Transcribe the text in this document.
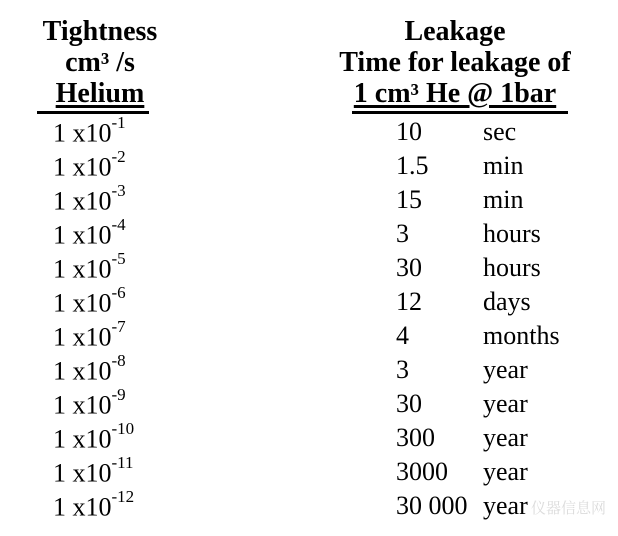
Tightness
cm³ /s
Helium
Leakage
Time for leakage of
1 cm³ He @ 1bar
1 $x10^{-1}$	10 sec
1 $x10^{-2}$	1.5 min
1 $x10^{-3}$	15 min
1 $x10^{-4}$	3	hours
1 $x10^{-5}$	30 hours
1 $x10^{-6}$	12 days
1 $x10^{-7}$	4	months
1 $x10^{-8}$	3	year
1 $x10^{-9}$	30 year
1 $x10^{-10}$	300 year
1 $x10^{-11}$	3000 year
1 $x10^{-12}$	30 000 year 仪器信息网
